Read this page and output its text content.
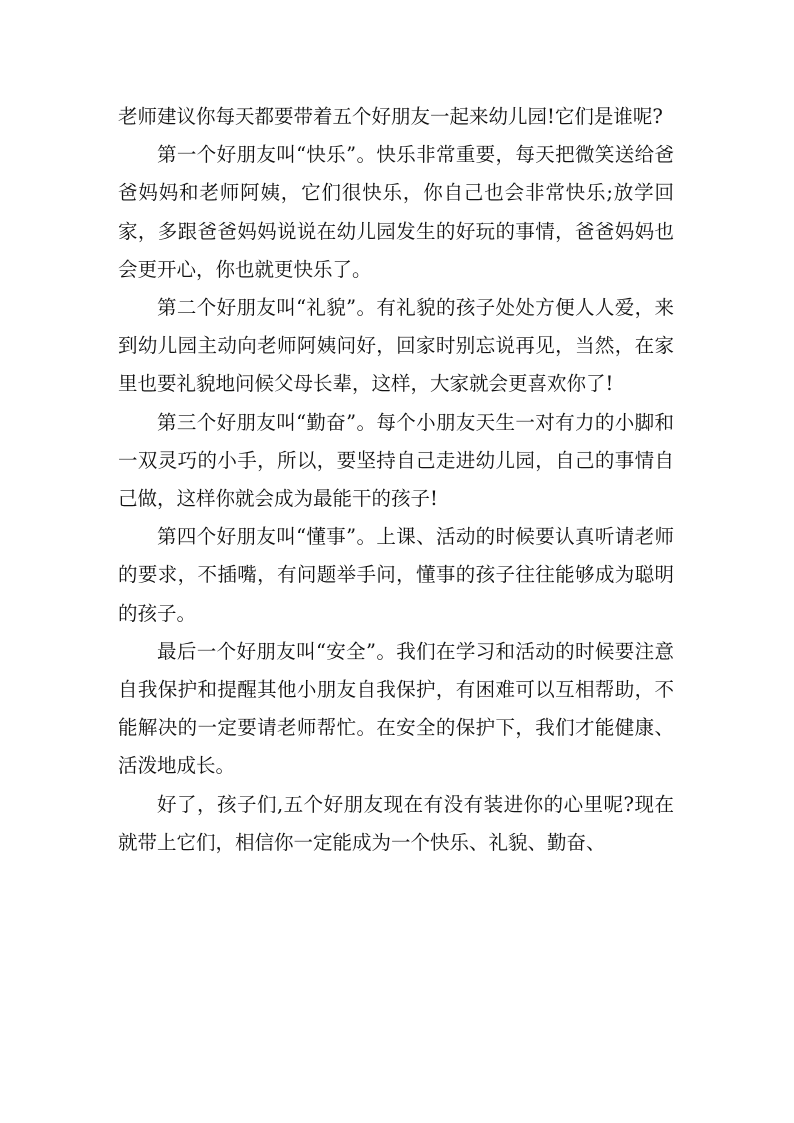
老师建议你每天都要带着五个好朋友一起来幼儿园!它们是谁呢?

第一个好朋友叫“快乐”。快乐非常重要，每天把微笑送给爸爸妈妈和老师阿姨，它们很快乐，你自己也会非常快乐;放学回家，多跟爸爸妈妈说说在幼儿园发生的好玩的事情，爸爸妈妈也会更开心，你也就更快乐了。

第二个好朋友叫“礼貌”。有礼貌的孩子处处方便人人爱，来到幼儿园主动向老师阿姨问好，回家时别忘说再见，当然，在家里也要礼貌地问候父母长辈，这样，大家就会更喜欢你了!

第三个好朋友叫“勤奋”。每个小朋友天生一对有力的小脚和一双灵巧的小手，所以，要坚持自己走进幼儿园，自己的事情自己做，这样你就会成为最能干的孩子!

第四个好朋友叫“懂事”。上课、活动的时候要认真听请老师的要求，不插嘴，有问题举手问，懂事的孩子往往能够成为聪明的孩子。

最后一个好朋友叫“安全”。我们在学习和活动的时候要注意自我保护和提醒其他小朋友自我保护，有困难可以互相帮助，不能解决的一定要请老师帮忙。在安全的保护下，我们才能健康、活泼地成长。

好了，孩子们,五个好朋友现在有没有装进你的心里呢?现在就带上它们，相信你一定能成为一个快乐、礼貌、勤奋、
